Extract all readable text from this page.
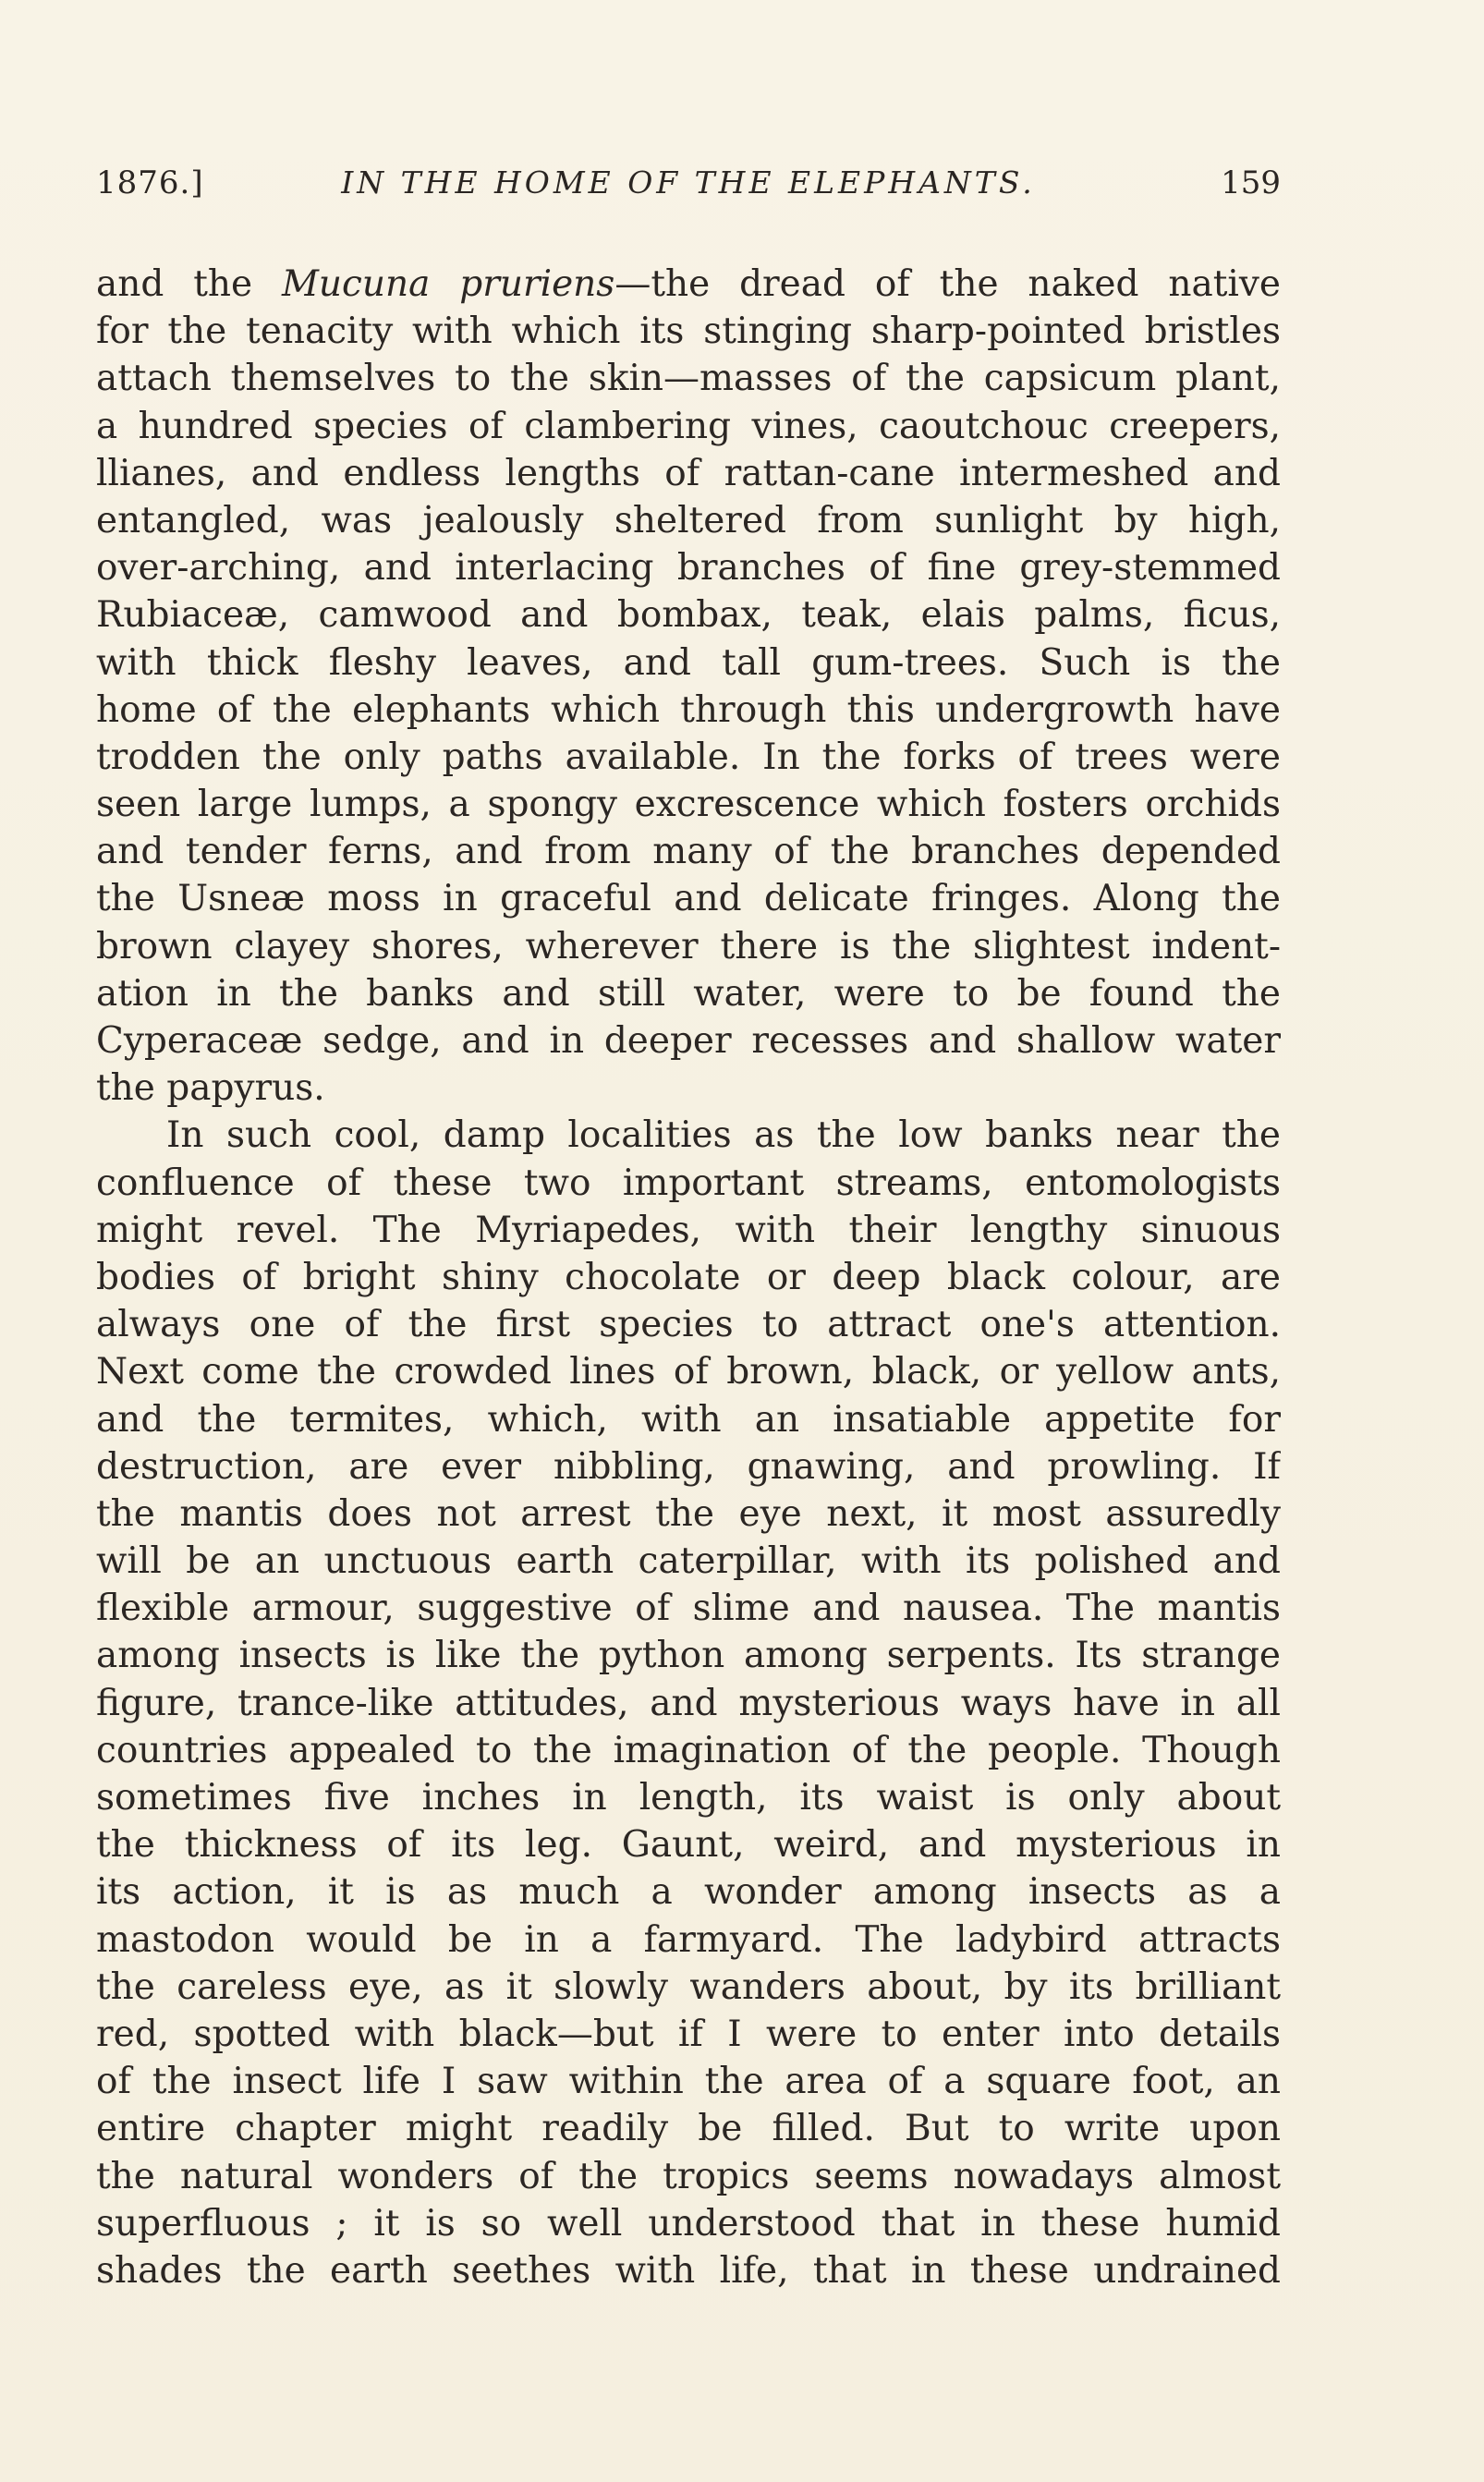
1876.]	IN THE HOME OF THE ELEPHANTS.	159
and the Mucuna pruriens—the dread of the naked native
for the tenacity with which its stinging sharp-pointed bristles
attach themselves to the skin—masses of the capsicum plant,
a hundred species of clambering vines, caoutchouc creepers,
llianes, and endless lengths of rattan-cane intermeshed and
entangled, was jealously sheltered from sunlight by high,
over-arching, and interlacing branches of fine grey-stemmed
Rubiaceæ, camwood and bombax, teak, elais palms, ficus,
with thick fleshy leaves, and tall gum-trees. Such is the
home of the elephants which through this undergrowth have
trodden the only paths available. In the forks of trees were
seen large lumps, a spongy excrescence which fosters orchids
and tender ferns, and from many of the branches depended
the Usneæ moss in graceful and delicate fringes. Along the
brown clayey shores, wherever there is the slightest indent-
ation in the banks and still water, were to be found the
Cyperaceæ sedge, and in deeper recesses and shallow water
the papyrus.
In such cool, damp localities as the low banks near the
confluence of these two important streams, entomologists
might revel. The Myriapedes, with their lengthy sinuous
bodies of bright shiny chocolate or deep black colour, are
always one of the first species to attract one's attention.
Next come the crowded lines of brown, black, or yellow ants,
and the termites, which, with an insatiable appetite for
destruction, are ever nibbling, gnawing, and prowling. If
the mantis does not arrest the eye next, it most assuredly
will be an unctuous earth caterpillar, with its polished and
flexible armour, suggestive of slime and nausea. The mantis
among insects is like the python among serpents. Its strange
figure, trance-like attitudes, and mysterious ways have in all
countries appealed to the imagination of the people. Though
sometimes five inches in length, its waist is only about
the thickness of its leg. Gaunt, weird, and mysterious in
its action, it is as much a wonder among insects as a
mastodon would be in a farmyard. The ladybird attracts
the careless eye, as it slowly wanders about, by its brilliant
red, spotted with black—but if I were to enter into details
of the insect life I saw within the area of a square foot, an
entire chapter might readily be filled. But to write upon
the natural wonders of the tropics seems nowadays almost
superfluous ; it is so well understood that in these humid
shades the earth seethes with life, that in these undrained
